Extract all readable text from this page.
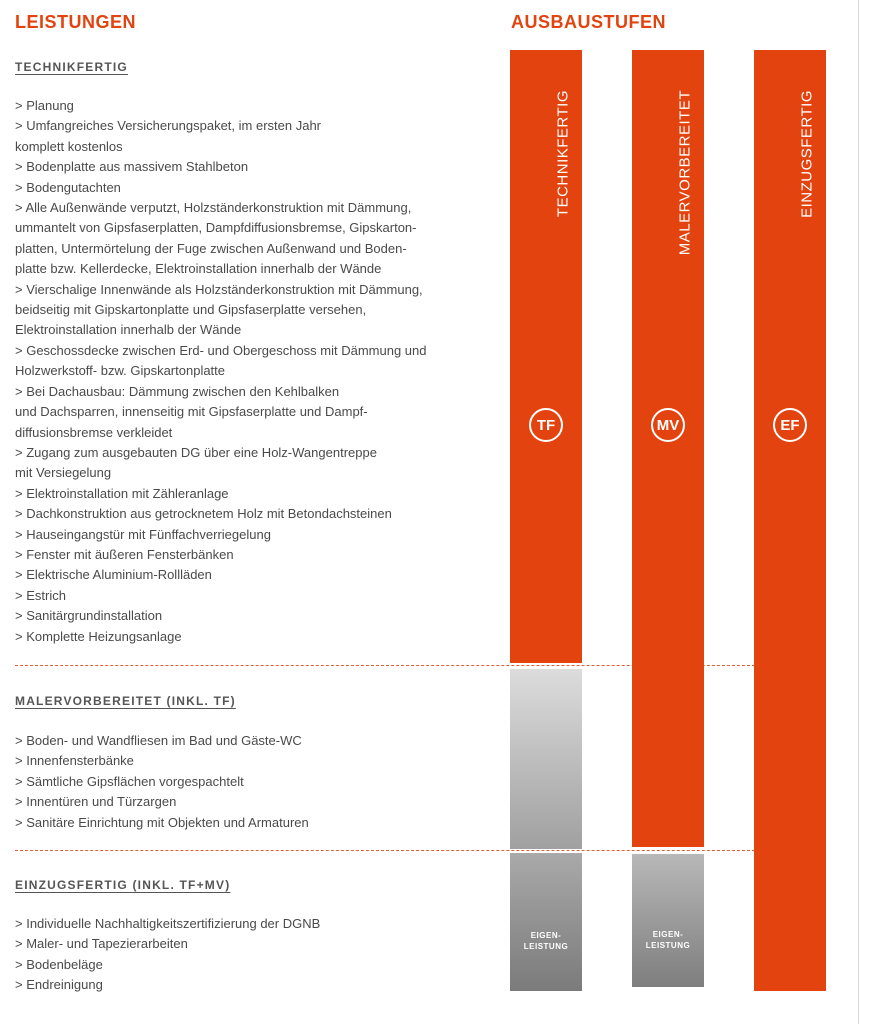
LEISTUNGEN	AUSBAUSTUFEN
TECHNIKFERTIG
> Planung
> Umfangreiches Versicherungspaket, im ersten Jahr
komplett kostenlos
> Bodenplatte aus massivem Stahlbeton
> Bodengutachten
> Alle Außenwände verputzt, Holzständerkonstruktion mit Dämmung,
ummantelt von Gipsfaserplatten, Dampfdiffusionsbremse, Gipskarton-
platten, Untermörtelung der Fuge zwischen Außenwand und Boden-
platte bzw. Kellerdecke, Elektroinstallation innerhalb der Wände
> Vierschalige Innenwände als Holzständerkonstruktion mit Dämmung,
beidseitig mit Gipskartonplatte und Gipsfaserplatte versehen,
Elektroinstallation innerhalb der Wände
> Geschossdecke zwischen Erd- und Obergeschoss mit Dämmung und
Holzwerkstoff- bzw. Gipskartonplatte
> Bei Dachausbau: Dämmung zwischen den Kehlbalken
und Dachsparren, innenseitig mit Gipsfaserplatte und Dampf-
diffusionsbremse verkleidet
> Zugang zum ausgebauten DG über eine Holz-Wangentreppe
mit Versiegelung
> Elektroinstallation mit Zähleranlage
> Dachkonstruktion aus getrocknetem Holz mit Betondachsteinen
> Hauseingangstür mit Fünffachverriegelung
> Fenster mit äußeren Fensterbänken
> Elektrische Aluminium-Rollläden
> Estrich
> Sanitärgrundinstallation
> Komplette Heizungsanlage
MALERVORBEREITET (INKL. TF)
> Boden- und Wandfliesen im Bad und Gäste-WC
> Innenfensterbänke
> Sämtliche Gipsflächen vorgespachtelt
> Innentüren und Türzargen
> Sanitäre Einrichtung mit Objekten und Armaturen
EINZUGSFERTIG (INKL. TF+MV)
> Individuelle Nachhaltigkeitszertifizierung der DGNB
> Maler- und Tapezierarbeiten
> Bodenbeläge
> Endreinigung
TECHNIKFERTIG
TF
EIGEN-
LEISTUNG
MALERVORBEREITET
MV
EIGEN-
LEISTUNG
EINZUGSFERTIG
EF
